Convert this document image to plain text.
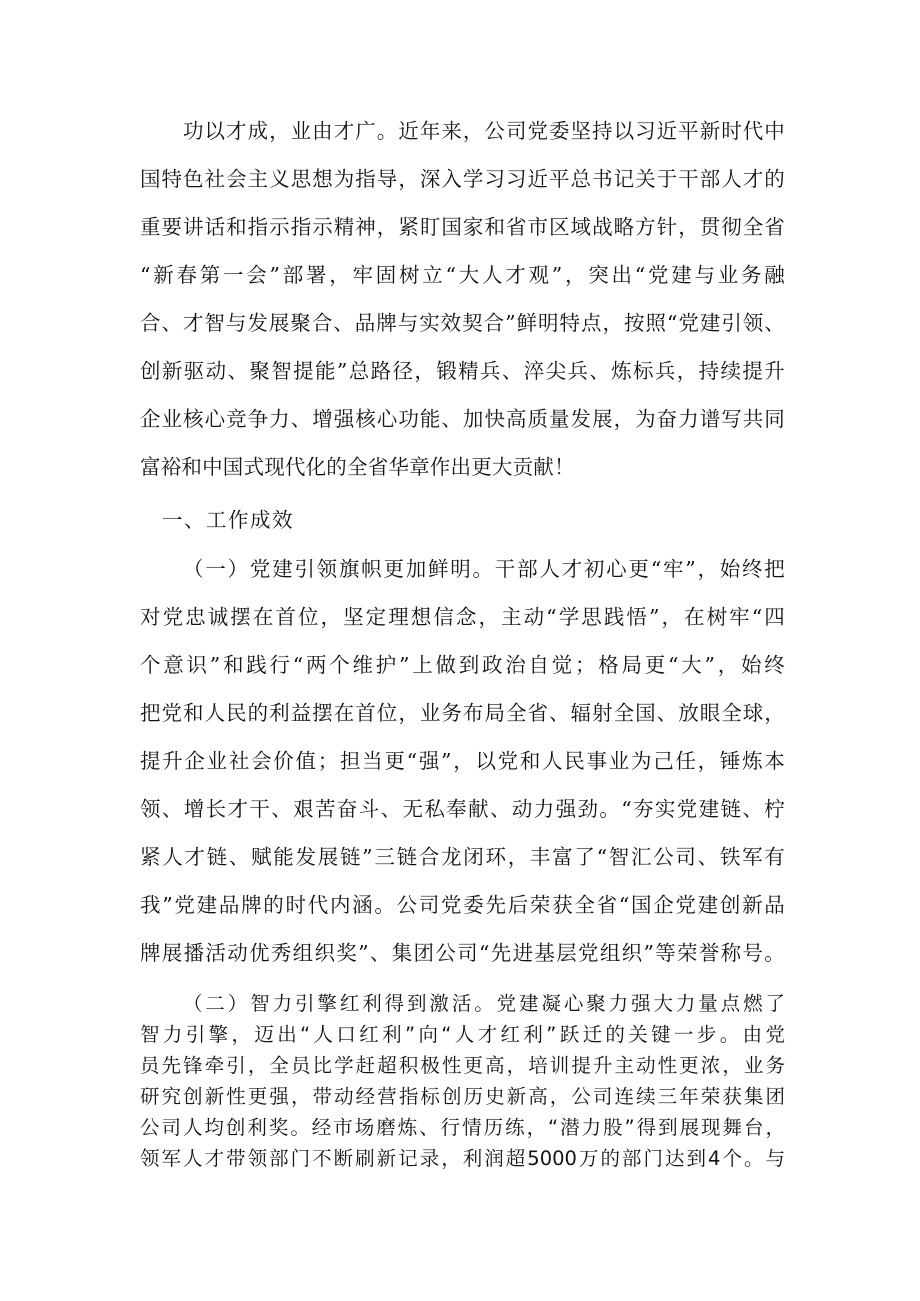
功以才成，业由才广。近年来，公司党委坚持以习近平新时代中
国特色社会主义思想为指导，深入学习习近平总书记关于干部人才的
重要讲话和指示指示精神，紧盯国家和省市区域战略方针，贯彻全省
“新春第一会”部署，牢固树立“大人才观”，突出“党建与业务融
合、才智与发展聚合、品牌与实效契合”鲜明特点，按照“党建引领、
创新驱动、聚智提能”总路径，锻精兵、淬尖兵、炼标兵，持续提升
企业核心竞争力、增强核心功能、加快高质量发展，为奋力谱写共同
富裕和中国式现代化的全省华章作出更大贡献！
一、工作成效
（一）党建引领旗帜更加鲜明。干部人才初心更“牢”，始终把
对党忠诚摆在首位，坚定理想信念，主动“学思践悟”，在树牢“四
个意识”和践行“两个维护”上做到政治自觉；格局更“大”，始终
把党和人民的利益摆在首位，业务布局全省、辐射全国、放眼全球，
提升企业社会价值；担当更“强”，以党和人民事业为己任，锤炼本
领、增长才干、艰苦奋斗、无私奉献、动力强劲。“夯实党建链、柠
紧人才链、赋能发展链”三链合龙闭环，丰富了“智汇公司、铁军有
我”党建品牌的时代内涵。公司党委先后荣获全省“国企党建创新品
牌展播活动优秀组织奖”、集团公司“先进基层党组织”等荣誉称号。
（二）智力引擎红利得到激活。党建凝心聚力强大力量点燃了
智力引擎，迈出“人口红利”向“人才红利”跃迁的关键一步。由党
员先锋牵引，全员比学赶超积极性更高，培训提升主动性更浓，业务
研究创新性更强，带动经营指标创历史新高，公司连续三年荣获集团
公司人均创利奖。经市场磨炼、行情历练，“潜力股”得到展现舞台，
领军人才带领部门不断刷新记录，利润超5000万的部门达到4个。与
